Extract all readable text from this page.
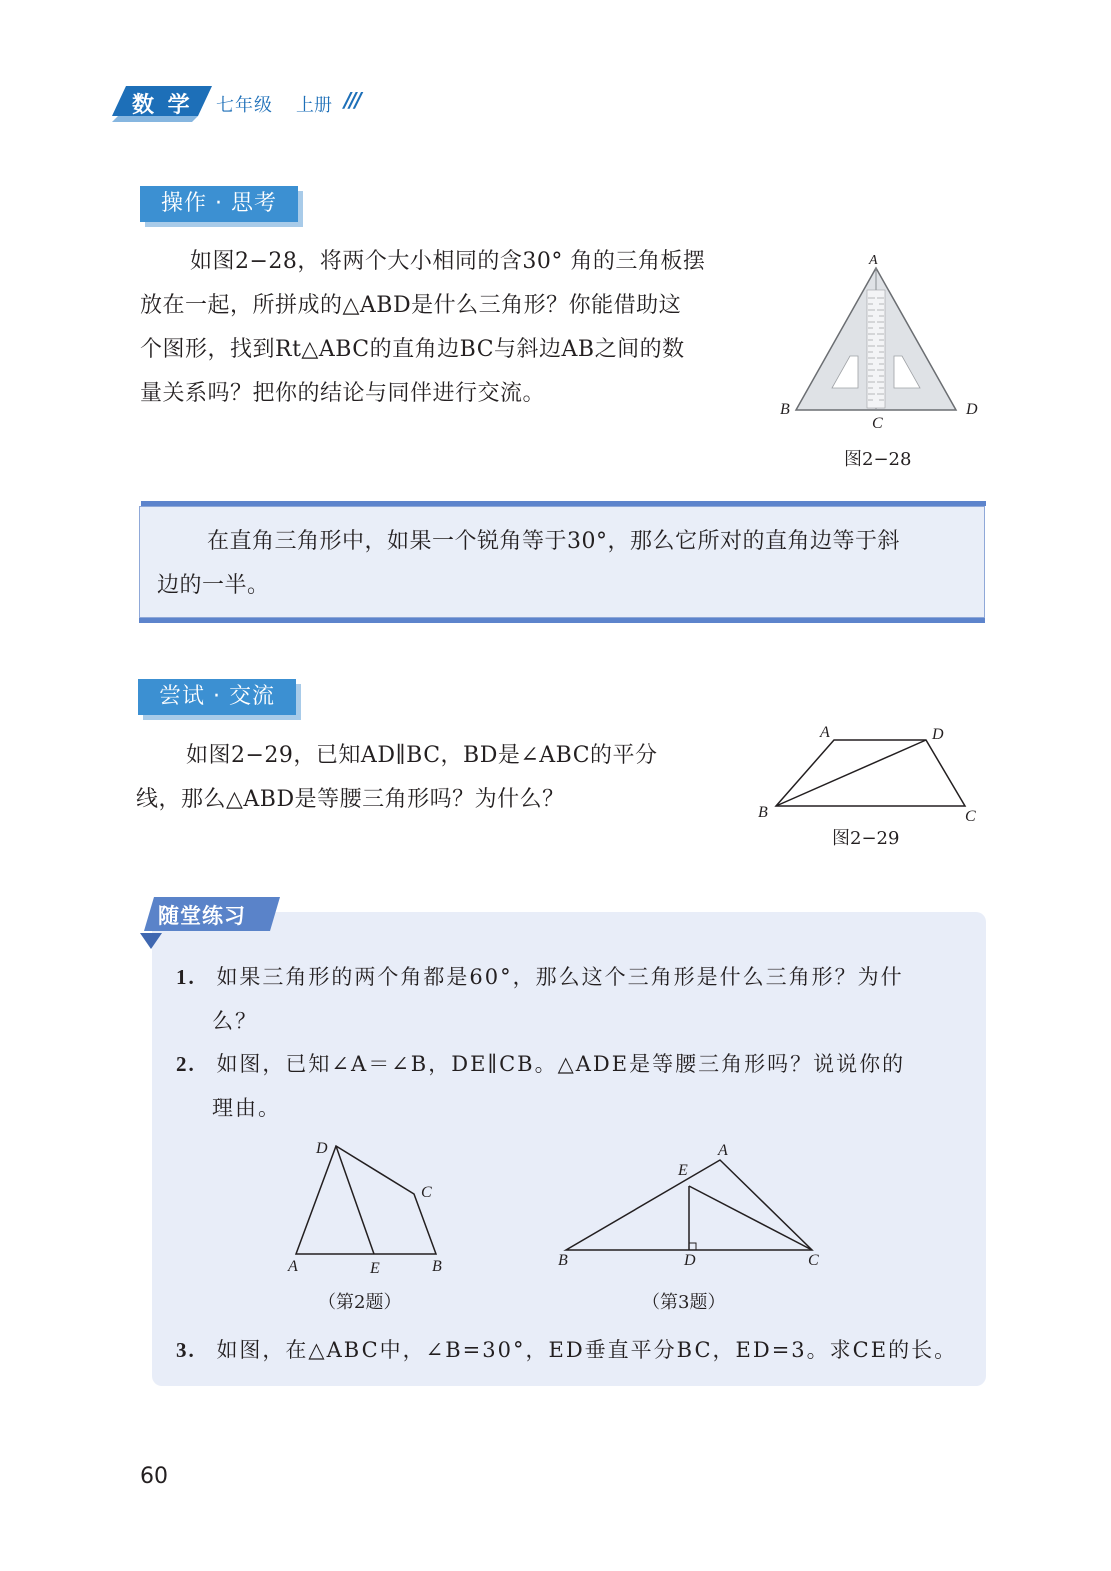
数 学 七年级 上册 ///
操作 · 思考
如图2−28，将两个大小相同的含30° 角的三角板摆
放在一起，所拼成的△ABD是什么三角形？你能借助这
个图形，找到Rt△ABC的直角边BC与斜边AB之间的数
量关系吗？把你的结论与同伴进行交流。
A
B
C
D
图2−28
在直角三角形中，如果一个锐角等于30°，那么它所对的直角边等于斜
边的一半。
尝试 · 交流
如图2−29，已知AD∥BC，BD是∠ABC的平分
线，那么△ABD是等腰三角形吗？为什么？
A	D
B	C
图2−29
随堂练习
1. 如果三角形的两个角都是60°，那么这个三角形是什么三角形？为什
么？
2. 如图，已知∠A＝∠B，DE∥CB。△ADE是等腰三角形吗？说说你的
理由。
D
C
A	E	B
（第2题）
A
E
B	D	C
（第3题）
3. 如图，在△ABC中，∠B=30°，ED垂直平分BC，ED=3。求CE的长。
60
